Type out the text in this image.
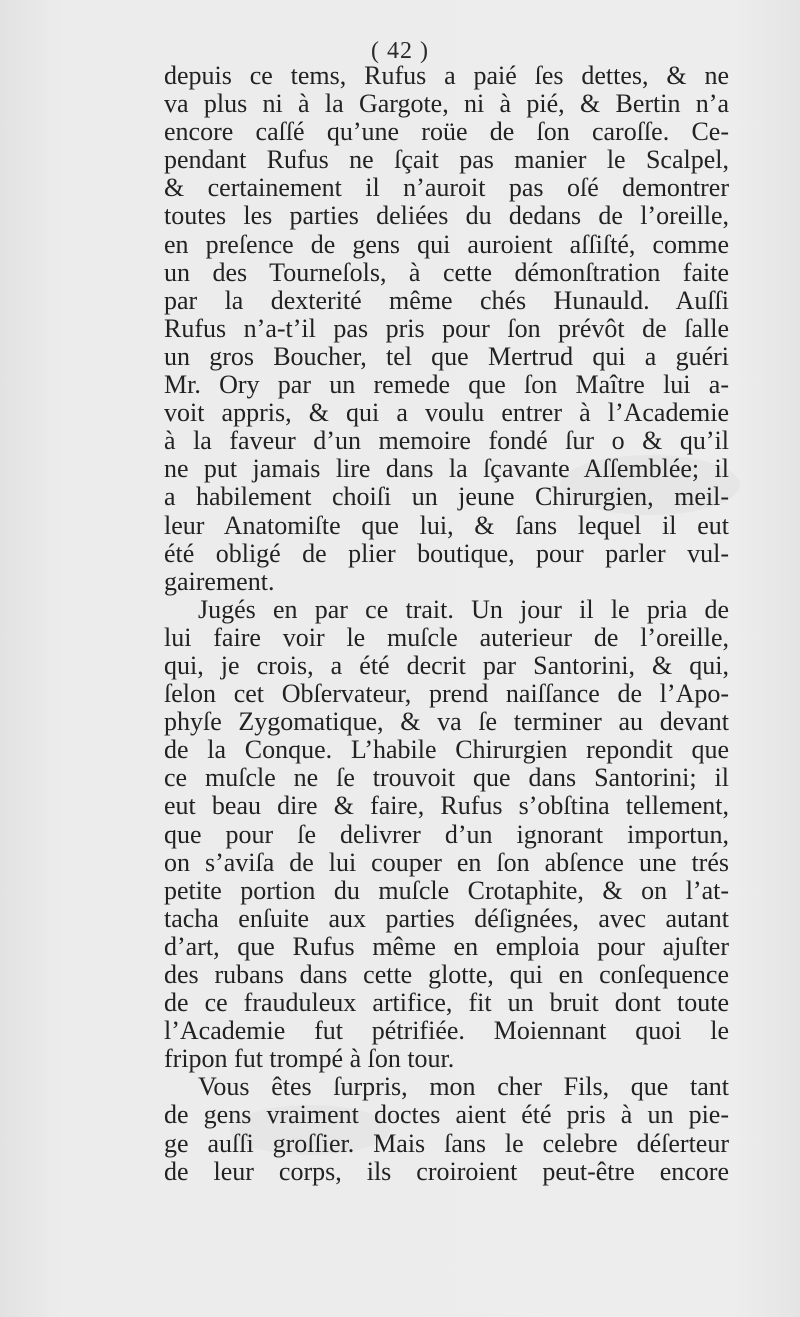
( 42 )
depuis ce tems, Rufus a paié ſes dettes, & ne
va plus ni à la Gargote, ni à pié, & Bertin n’a
encore caſſé qu’une roüe de ſon caroſſe. Ce-
pendant Rufus ne ſçait pas manier le Scalpel,
& certainement il n’auroit pas oſé demontrer
toutes les parties deliées du dedans de l’oreille,
en preſence de gens qui auroient aſſiſté, comme
un des Tourneſols, à cette démonſtration faite
par la dexterité même chés Hunauld. Auſſi
Rufus n’a-t’il pas pris pour ſon prévôt de ſalle
un gros Boucher, tel que Mertrud qui a guéri
Mr. Ory par un remede que ſon Maître lui a-
voit appris, & qui a voulu entrer à l’Academie
à la faveur d’un memoire fondé ſur o & qu’il
ne put jamais lire dans la ſçavante Aſſemblée; il
a habilement choiſi un jeune Chirurgien, meil-
leur Anatomiſte que lui, & ſans lequel il eut
été obligé de plier boutique, pour parler vul-
gairement.
Jugés en par ce trait. Un jour il le pria de
lui faire voir le muſcle auterieur de l’oreille,
qui, je crois, a été decrit par Santorini, & qui,
ſelon cet Obſervateur, prend naiſſance de l’Apo-
phyſe Zygomatique, & va ſe terminer au devant
de la Conque. L’habile Chirurgien repondit que
ce muſcle ne ſe trouvoit que dans Santorini; il
eut beau dire & faire, Rufus s’obſtina tellement,
que pour ſe delivrer d’un ignorant importun,
on s’aviſa de lui couper en ſon abſence une trés
petite portion du muſcle Crotaphite, & on l’at-
tacha enſuite aux parties déſignées, avec autant
d’art, que Rufus même en emploia pour ajuſter
des rubans dans cette glotte, qui en conſequence
de ce frauduleux artifice, fit un bruit dont toute
l’Academie fut pétrifiée. Moiennant quoi le
fripon fut trompé à ſon tour.
Vous êtes ſurpris, mon cher Fils, que tant
de gens vraiment doctes aient été pris à un pie-
ge auſſi groſſier. Mais ſans le celebre déſerteur
de leur corps, ils croiroient peut-être encore
